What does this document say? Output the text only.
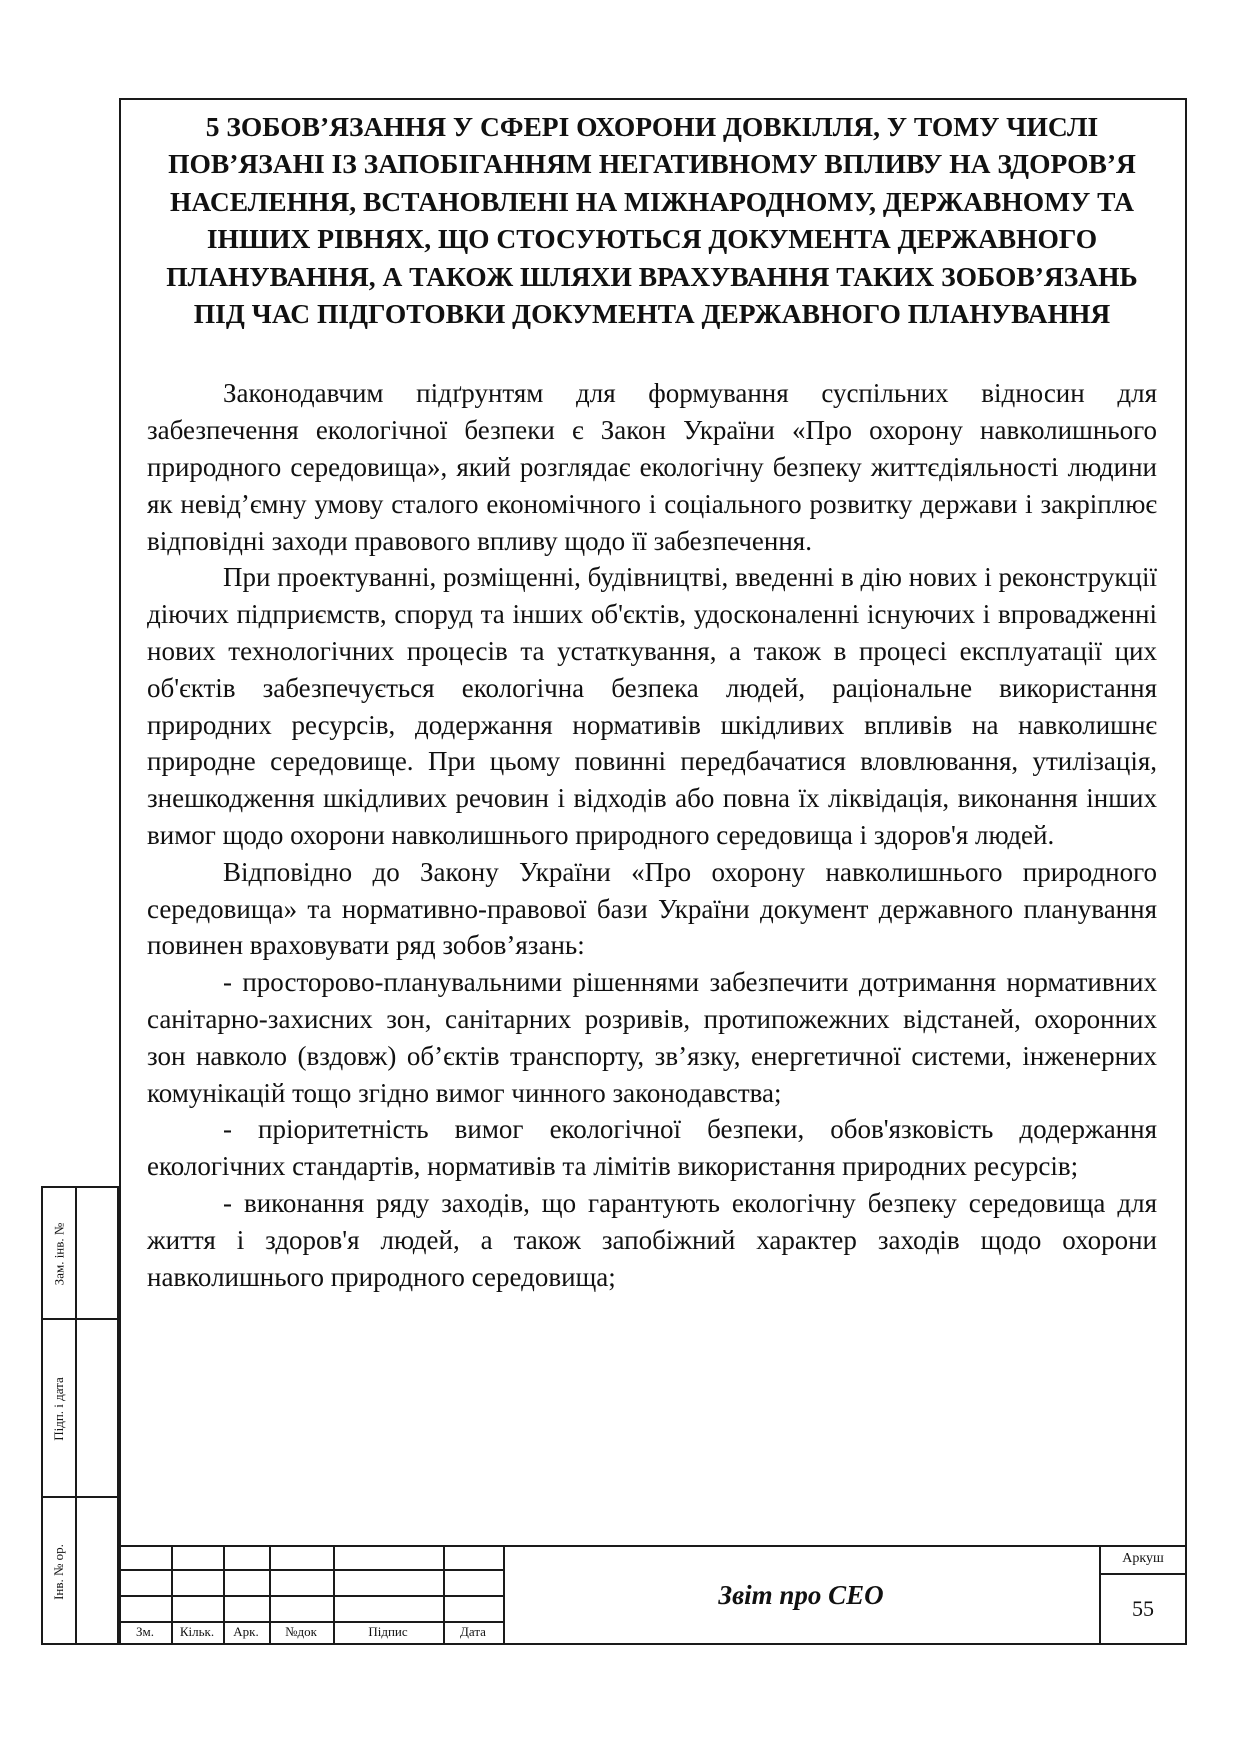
5 ЗОБОВ’ЯЗАННЯ У СФЕРІ ОХОРОНИ ДОВКІЛЛЯ, У ТОМУ ЧИСЛІ ПОВ’ЯЗАНІ ІЗ ЗАПОБІГАННЯМ НЕГАТИВНОМУ ВПЛИВУ НА ЗДОРОВ’Я НАСЕЛЕННЯ, ВСТАНОВЛЕНІ НА МІЖНАРОДНОМУ, ДЕРЖАВНОМУ ТА ІНШИХ РІВНЯХ, ЩО СТОСУЮТЬСЯ ДОКУМЕНТА ДЕРЖАВНОГО ПЛАНУВАННЯ, А ТАКОЖ ШЛЯХИ ВРАХУВАННЯ ТАКИХ ЗОБОВ’ЯЗАНЬ ПІД ЧАС ПІДГОТОВКИ ДОКУМЕНТА ДЕРЖАВНОГО ПЛАНУВАННЯ

Законодавчим підґрунтям для формування суспільних відносин для забезпечення екологічної безпеки є Закон України «Про охорону навколишнього природного середовища», який розглядає екологічну безпеку життєдіяльності людини як невід’ємну умову сталого економічного і соціального розвитку держави і закріплює відповідні заходи правового впливу щодо її забезпечення.

При проектуванні, розміщенні, будівництві, введенні в дію нових і реконструкції діючих підприємств, споруд та інших об'єктів, удосконаленні існуючих і впровадженні нових технологічних процесів та устаткування, а також в процесі експлуатації цих об'єктів забезпечується екологічна безпека людей, раціональне використання природних ресурсів, додержання нормативів шкідливих впливів на навколишнє природне середовище. При цьому повинні передбачатися вловлювання, утилізація, знешкодження шкідливих речовин і відходів або повна їх ліквідація, виконання інших вимог щодо охорони навколишнього природного середовища і здоров'я людей.

Відповідно до Закону України «Про охорону навколишнього природного середовища» та нормативно-правової бази України документ державного планування повинен враховувати ряд зобов’язань:

- просторово-планувальними рішеннями забезпечити дотримання нормативних санітарно-захисних зон, санітарних розривів, протипожежних відстаней, охоронних зон навколо (вздовж) об’єктів транспорту, зв’язку, енергетичної системи, інженерних комунікацій тощо згідно вимог чинного законодавства;

- пріоритетність вимог екологічної безпеки, обов'язковість додержання екологічних стандартів, нормативів та лімітів використання природних ресурсів;

- виконання ряду заходів, що гарантують екологічну безпеку середовища для життя і здоров'я людей, а також запобіжний характер заходів щодо охорони навколишнього природного середовища;

Зам. інв. №
Підп. і дата
Інв. № ор.
Зм.	Кільк.	Арк.	№док	Підпис	Дата
Звіт про СЕО
Аркуш
55
